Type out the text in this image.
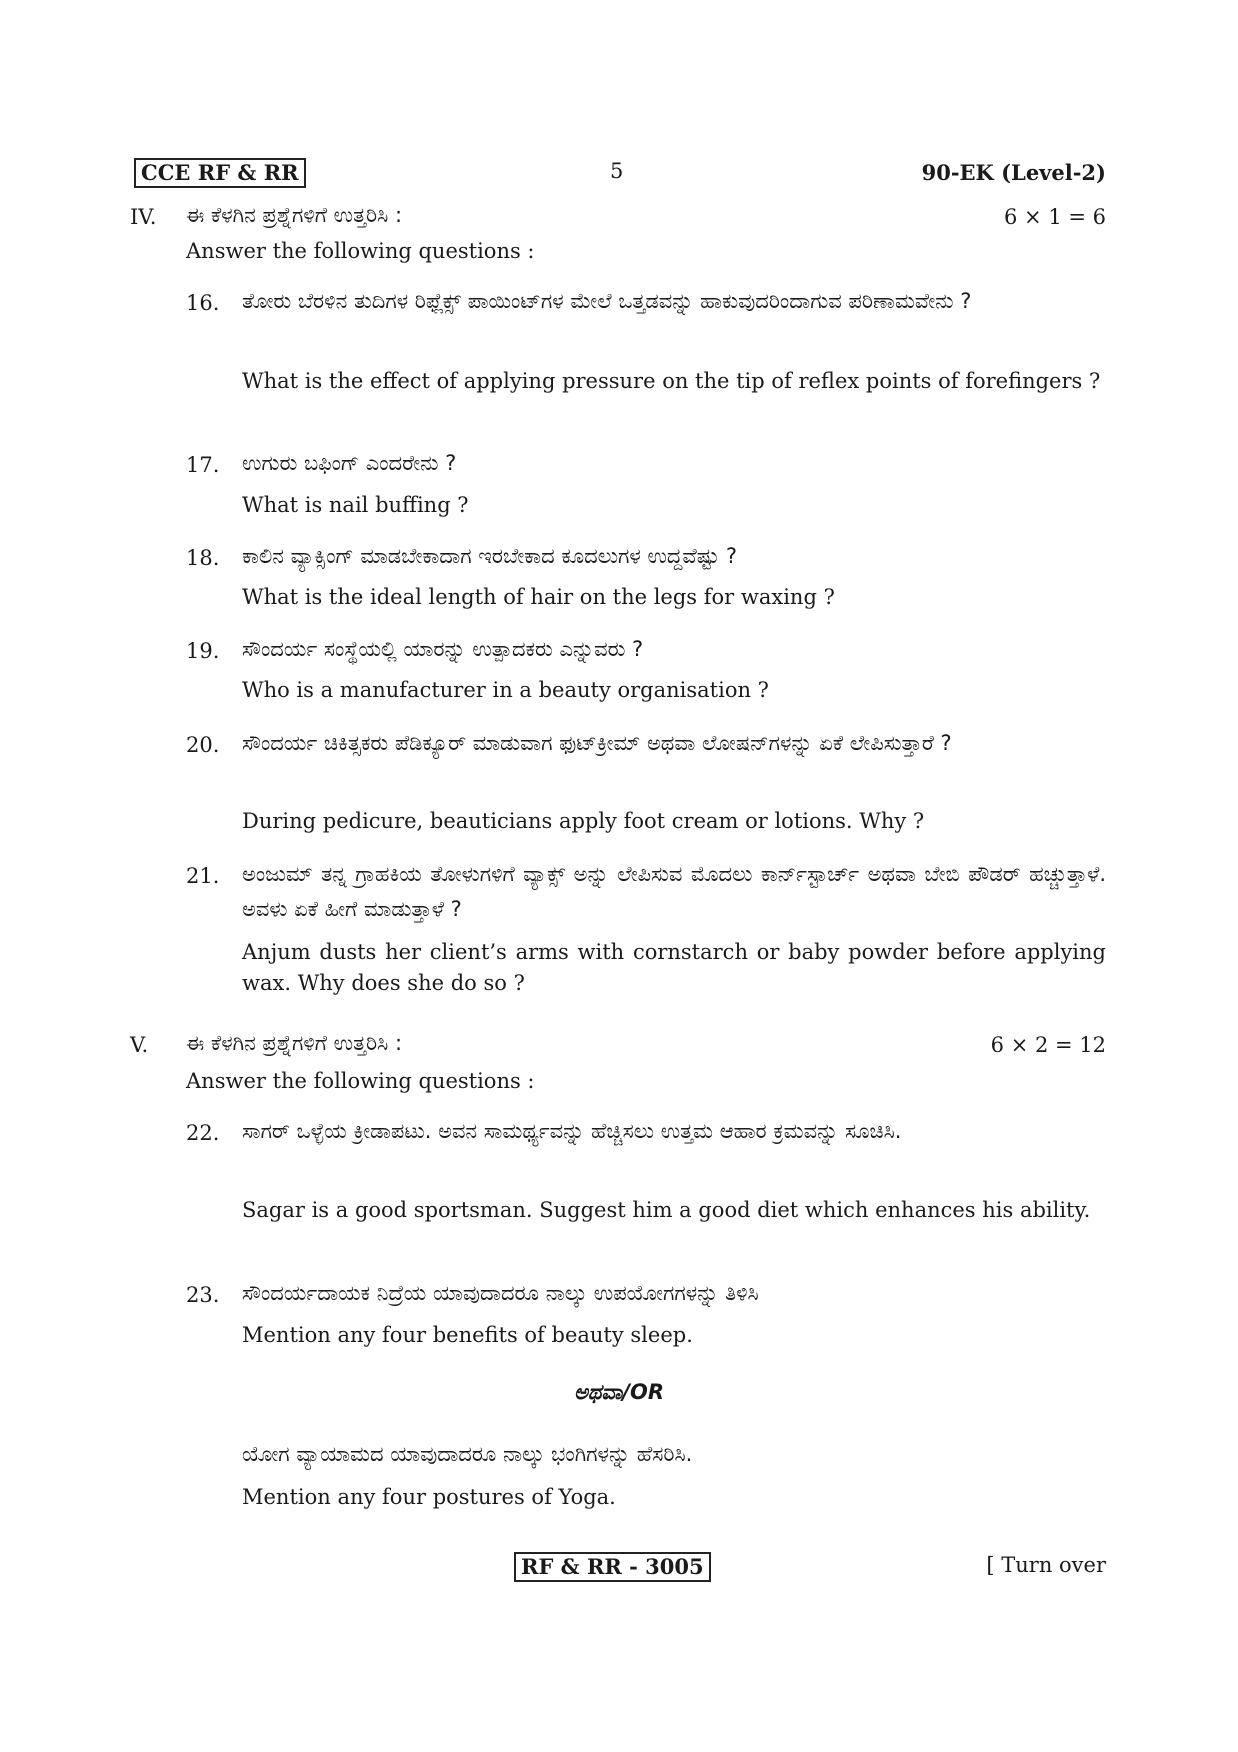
CCE RF & RR	5	90-EK (Level-2)
IV. ಈ ಕೆಳಗಿನ ಪ್ರಶ್ನೆಗಳಿಗೆ ಉತ್ತರಿಸಿ :	6 × 1 = 6
Answer the following questions :
16. ತೋರು ಬೆರಳಿನ ತುದಿಗಳ ರಿಫ್ಲೆಕ್ಸ್ ಪಾಯಿಂಟ್‌ಗಳ ಮೇಲೆ ಒತ್ತಡವನ್ನು ಹಾಕುವುದರಿಂದಾಗುವ ಪರಿಣಾಮವೇನು ?
What is the effect of applying pressure on the tip of reflex points of forefingers ?
17. ಉಗುರು ಬಫಿಂಗ್ ಎಂದರೇನು ?
What is nail buffing ?
18. ಕಾಲಿನ ವ್ಯಾಕ್ಸಿಂಗ್ ಮಾಡಬೇಕಾದಾಗ ಇರಬೇಕಾದ ಕೂದಲುಗಳ ಉದ್ದವೆಷ್ಟು ?
What is the ideal length of hair on the legs for waxing ?
19. ಸೌಂದರ್ಯ ಸಂಸ್ಥೆಯಲ್ಲಿ ಯಾರನ್ನು ಉತ್ಪಾದಕರು ಎನ್ನುವರು ?
Who is a manufacturer in a beauty organisation ?
20. ಸೌಂದರ್ಯ ಚಿಕಿತ್ಸಕರು ಪೆಡಿಕ್ಯೂರ್ ಮಾಡುವಾಗ ಫುಟ್‌ಕ್ರೀಮ್ ಅಥವಾ ಲೋಷನ್‌ಗಳನ್ನು ಏಕೆ ಲೇಪಿಸುತ್ತಾರೆ ?
During pedicure, beauticians apply foot cream or lotions. Why ?
21. ಅಂಜುಮ್ ತನ್ನ ಗ್ರಾಹಕಿಯ ತೋಳುಗಳಿಗೆ ವ್ಯಾಕ್ಸ್ ಅನ್ನು ಲೇಪಿಸುವ ಮೊದಲು ಕಾರ್ನ್‌ಸ್ಟಾರ್ಚ್ ಅಥವಾ ಬೇಬಿ ಪೌಡರ್ ಹಚ್ಚುತ್ತಾಳೆ. ಅವಳು ಏಕೆ ಹೀಗೆ ಮಾಡುತ್ತಾಳೆ ?
Anjum dusts her client’s arms with cornstarch or baby powder before applying wax. Why does she do so ?
V. ಈ ಕೆಳಗಿನ ಪ್ರಶ್ನೆಗಳಿಗೆ ಉತ್ತರಿಸಿ :	6 × 2 = 12
Answer the following questions :
22. ಸಾಗರ್ ಒಳ್ಳೆಯ ಕ್ರೀಡಾಪಟು. ಅವನ ಸಾಮರ್ಥ್ಯವನ್ನು ಹೆಚ್ಚಿಸಲು ಉತ್ತಮ ಆಹಾರ ಕ್ರಮವನ್ನು ಸೂಚಿಸಿ.
Sagar is a good sportsman. Suggest him a good diet which enhances his ability.
23. ಸೌಂದರ್ಯದಾಯಕ ನಿದ್ರೆಯ ಯಾವುದಾದರೂ ನಾಲ್ಕು ಉಪಯೋಗಗಳನ್ನು ತಿಳಿಸಿ
Mention any four benefits of beauty sleep.
ಅಥವಾ/OR
ಯೋಗ ವ್ಯಾಯಾಮದ ಯಾವುದಾದರೂ ನಾಲ್ಕು ಭಂಗಿಗಳನ್ನು ಹೆಸರಿಸಿ.
Mention any four postures of Yoga.
RF & RR - 3005	[ Turn over
